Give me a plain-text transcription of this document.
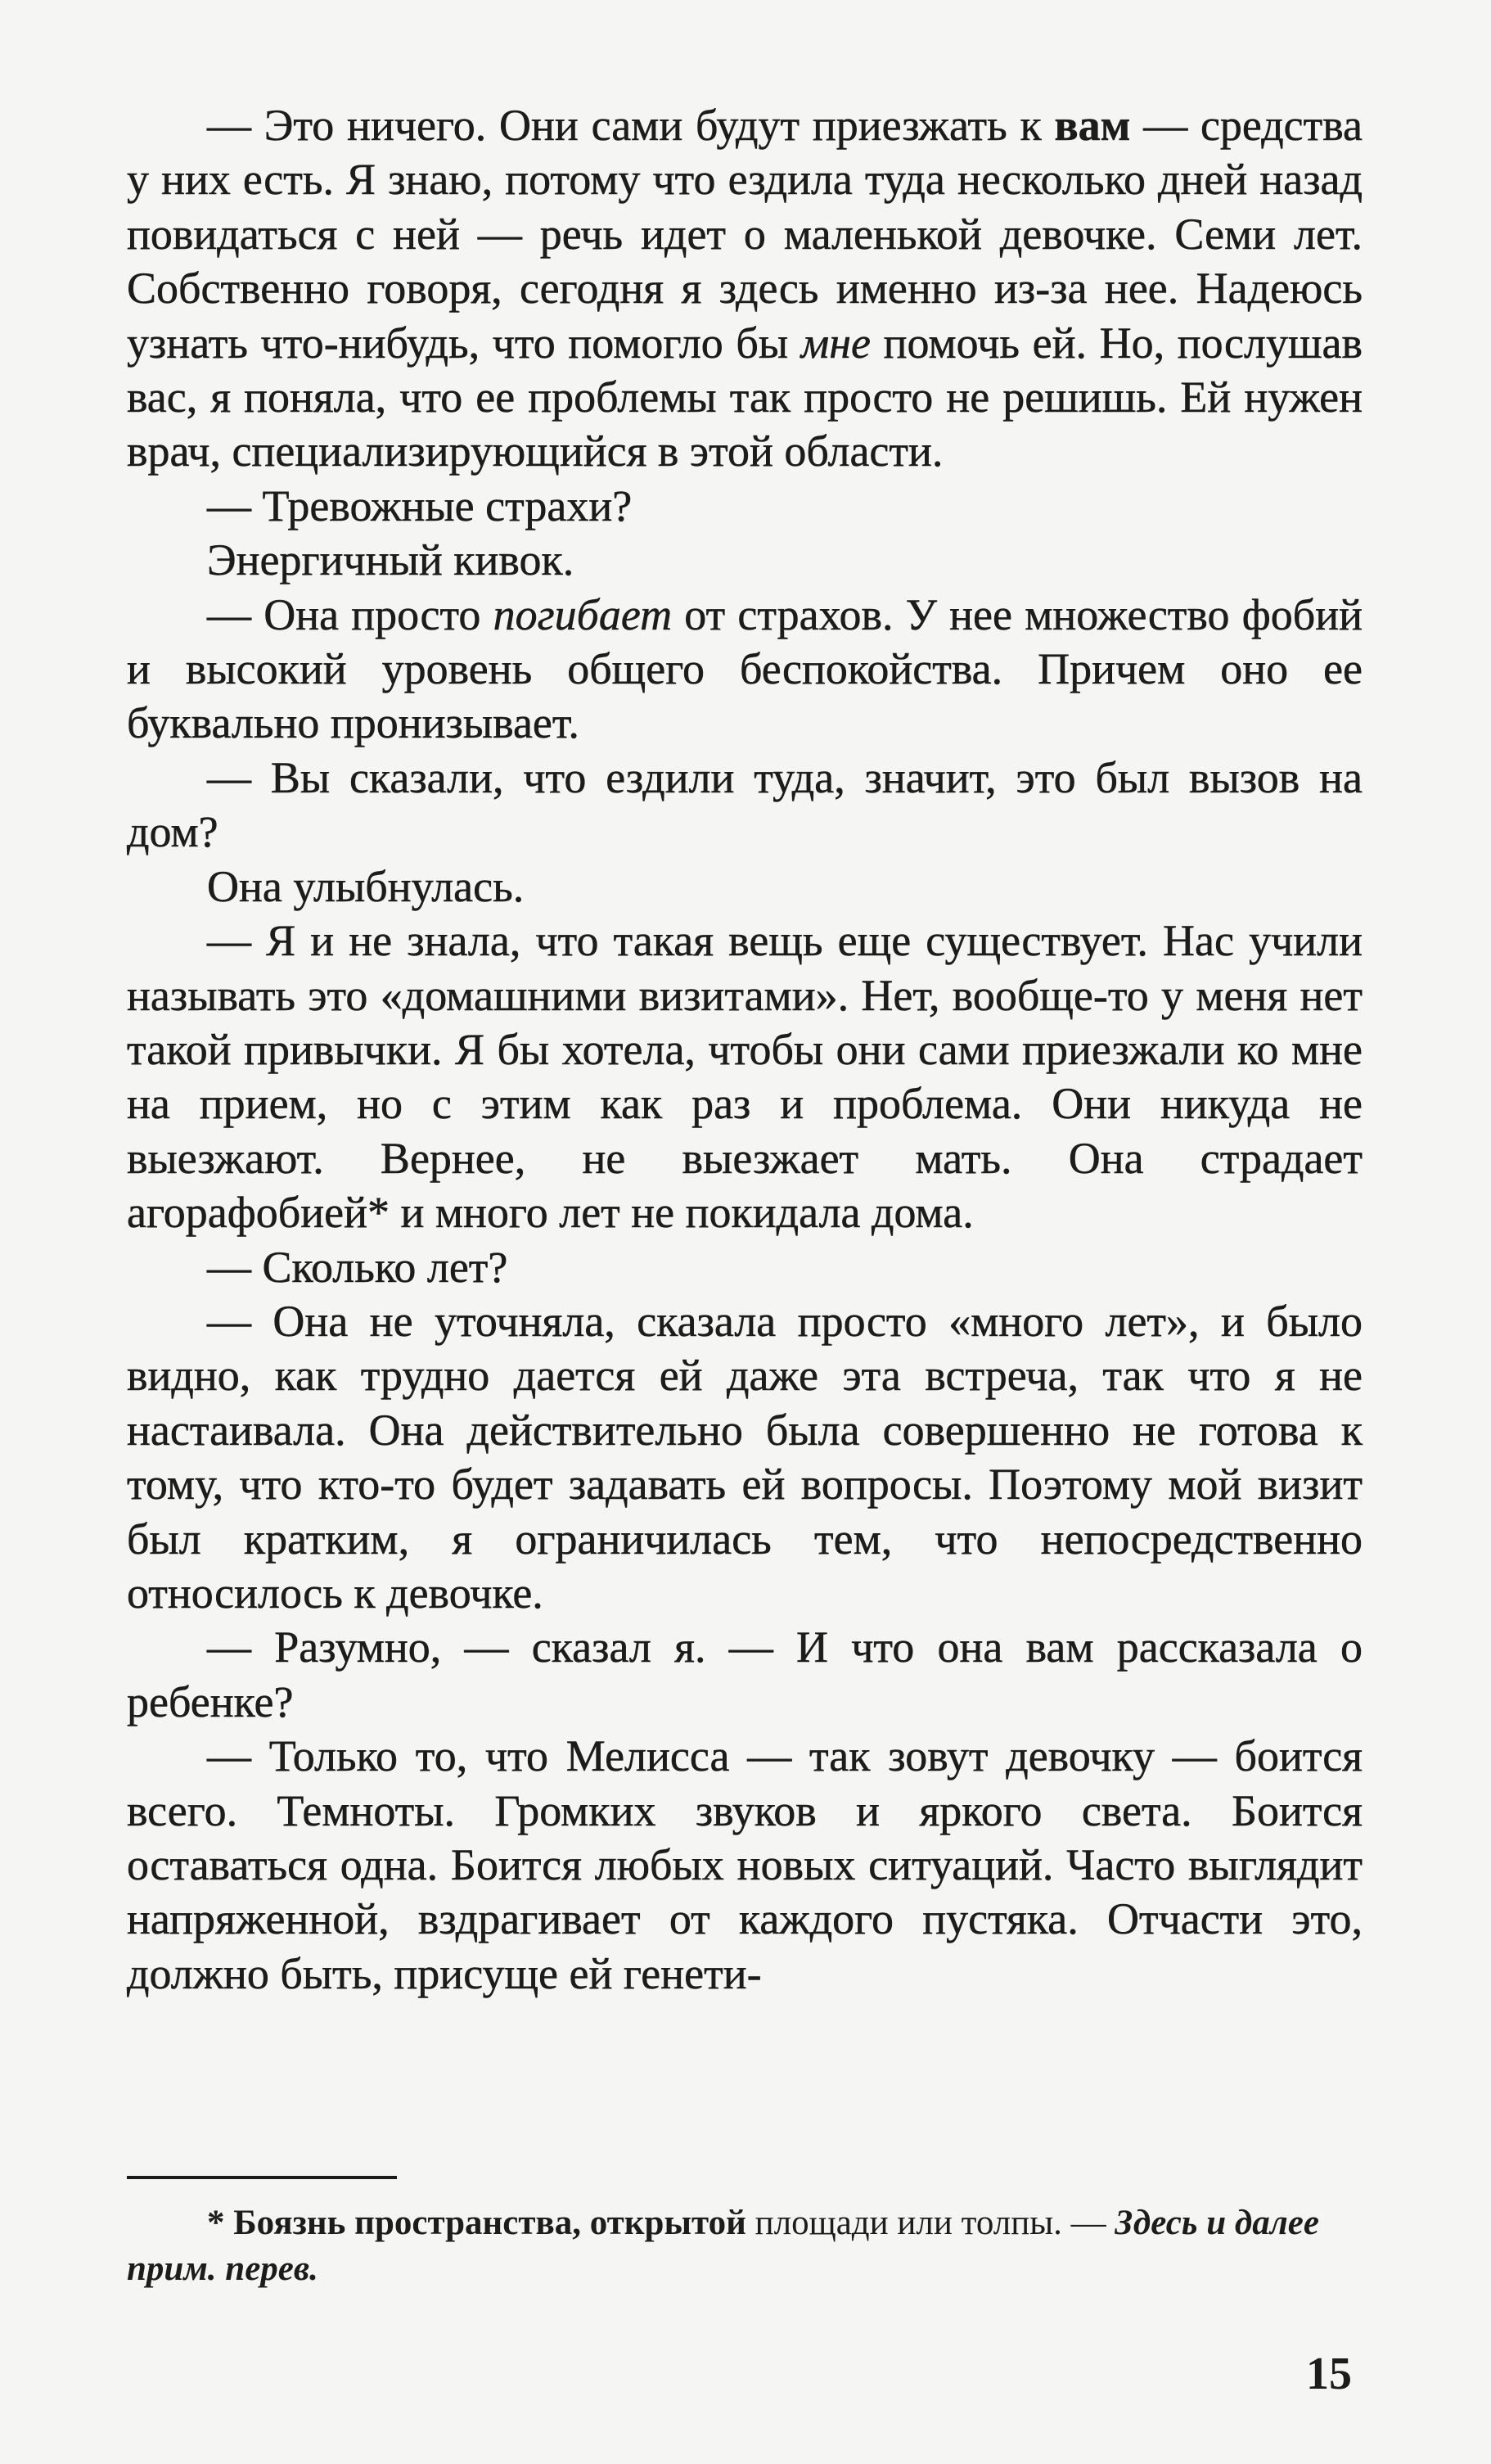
— Это ничего. Они сами будут приезжать к вам — средства у них есть. Я знаю, потому что ездила туда несколько дней назад повидаться с ней — речь идет о маленькой девочке. Семи лет. Собственно говоря, сегодня я здесь именно из-за нее. Надеюсь узнать что-нибудь, что помогло бы мне помочь ей. Но, послушав вас, я поняла, что ее проблемы так просто не решишь. Ей нужен врач, специализирующийся в этой области.

— Тревожные страхи?

Энергичный кивок.

— Она просто погибает от страхов. У нее множество фобий и высокий уровень общего беспокойства. Причем оно ее буквально пронизывает.

— Вы сказали, что ездили туда, значит, это был вызов на дом?

Она улыбнулась.

— Я и не знала, что такая вещь еще существует. Нас учили называть это «домашними визитами». Нет, вообще-то у меня нет такой привычки. Я бы хотела, чтобы они сами приезжали ко мне на прием, но с этим как раз и проблема. Они никуда не выезжают. Вернее, не выезжает мать. Она страдает агорафобией* и много лет не покидала дома.

— Сколько лет?

— Она не уточняла, сказала просто «много лет», и было видно, как трудно дается ей даже эта встреча, так что я не настаивала. Она действительно была совершенно не готова к тому, что кто-то будет задавать ей вопросы. Поэтому мой визит был кратким, я ограничилась тем, что непосредственно относилось к девочке.

— Разумно, — сказал я. — И что она вам рассказала о ребенке?

— Только то, что Мелисса — так зовут девочку — боится всего. Темноты. Громких звуков и яркого света. Боится оставаться одна. Боится любых новых ситуаций. Часто выглядит напряженной, вздрагивает от каждого пустяка. Отчасти это, должно быть, присуще ей генети-

* Боязнь пространства, открытой площади или толпы. — Здесь и далее прим. перев.
15
